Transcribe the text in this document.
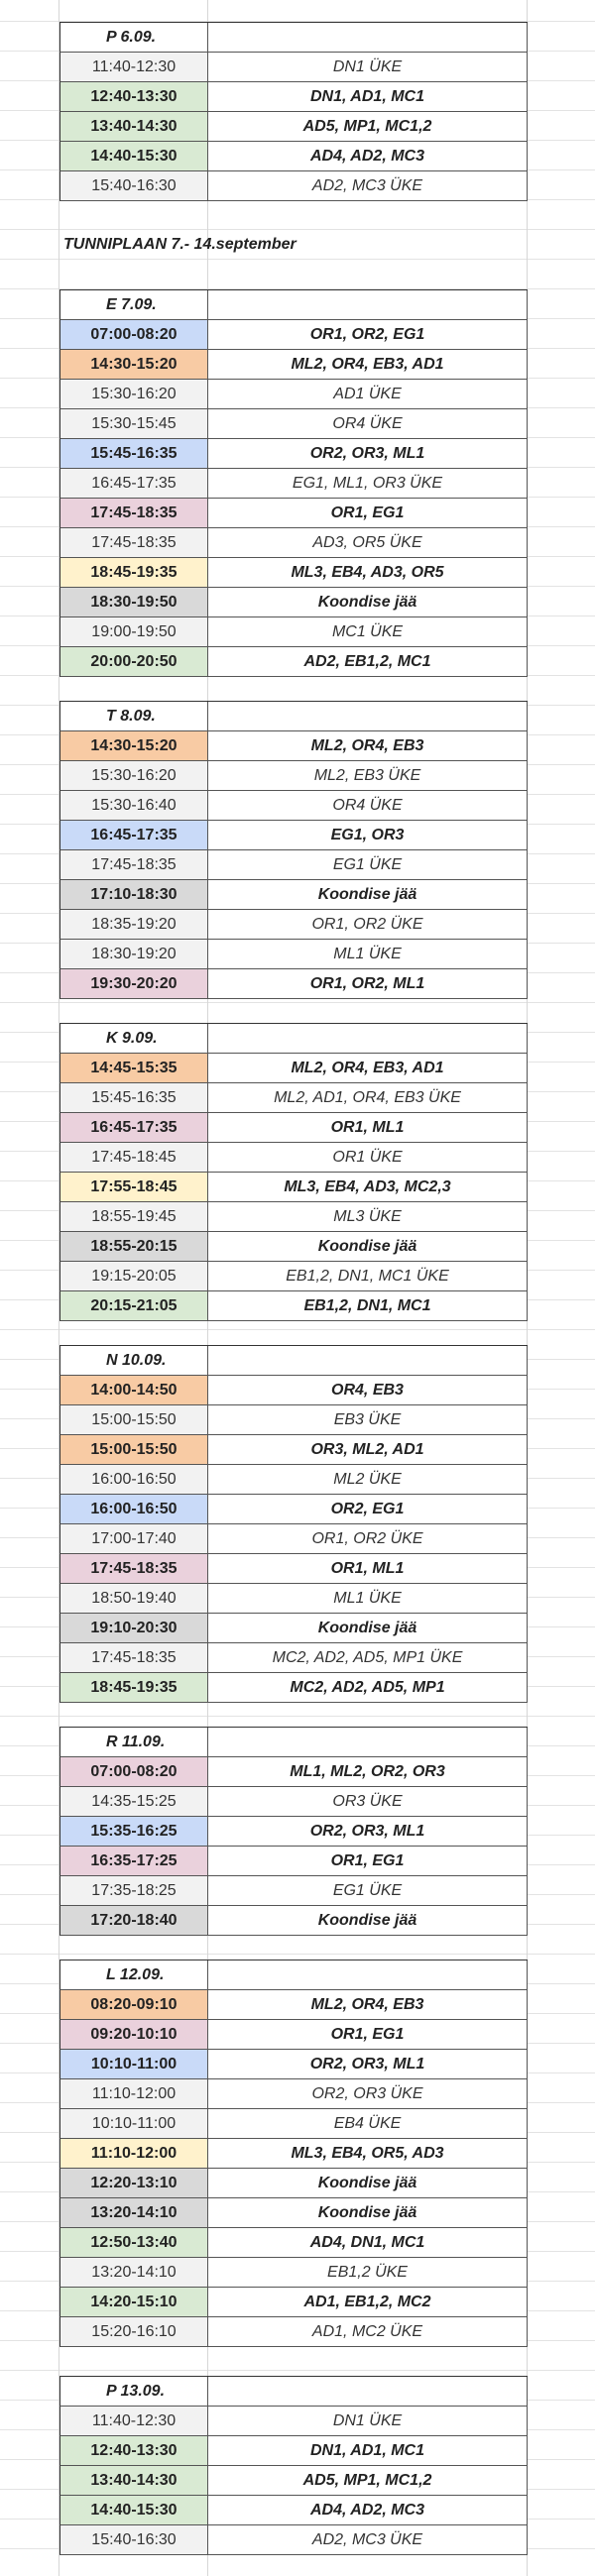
TUNNIPLAAN 7.- 14.september
P 6.09.
11:40-12:30	DN1 ÜKE
12:40-13:30	DN1, AD1, MC1
13:40-14:30	AD5, MP1, MC1,2
14:40-15:30	AD4, AD2, MC3
15:40-16:30	AD2, MC3 ÜKE
E 7.09.
07:00-08:20	OR1, OR2, EG1
14:30-15:20	ML2, OR4, EB3, AD1
15:30-16:20	AD1 ÜKE
15:30-15:45	OR4 ÜKE
15:45-16:35	OR2, OR3, ML1
16:45-17:35	EG1, ML1, OR3 ÜKE
17:45-18:35	OR1, EG1
17:45-18:35	AD3, OR5 ÜKE
18:45-19:35	ML3, EB4, AD3, OR5
18:30-19:50	Koondise jää
19:00-19:50	MC1 ÜKE
20:00-20:50	AD2, EB1,2, MC1
T 8.09.
14:30-15:20	ML2, OR4, EB3
15:30-16:20	ML2, EB3 ÜKE
15:30-16:40	OR4 ÜKE
16:45-17:35	EG1, OR3
17:45-18:35	EG1 ÜKE
17:10-18:30	Koondise jää
18:35-19:20	OR1, OR2 ÜKE
18:30-19:20	ML1 ÜKE
19:30-20:20	OR1, OR2, ML1
K 9.09.
14:45-15:35	ML2, OR4, EB3, AD1
15:45-16:35	ML2, AD1, OR4, EB3 ÜKE
16:45-17:35	OR1, ML1
17:45-18:45	OR1 ÜKE
17:55-18:45	ML3, EB4, AD3, MC2,3
18:55-19:45	ML3 ÜKE
18:55-20:15	Koondise jää
19:15-20:05	EB1,2, DN1, MC1 ÜKE
20:15-21:05	EB1,2, DN1, MC1
N 10.09.
14:00-14:50	OR4, EB3
15:00-15:50	EB3 ÜKE
15:00-15:50	OR3, ML2, AD1
16:00-16:50	ML2 ÜKE
16:00-16:50	OR2, EG1
17:00-17:40	OR1, OR2 ÜKE
17:45-18:35	OR1, ML1
18:50-19:40	ML1 ÜKE
19:10-20:30	Koondise jää
17:45-18:35	MC2, AD2, AD5, MP1 ÜKE
18:45-19:35	MC2, AD2, AD5, MP1
R 11.09.
07:00-08:20	ML1, ML2, OR2, OR3
14:35-15:25	OR3 ÜKE
15:35-16:25	OR2, OR3, ML1
16:35-17:25	OR1, EG1
17:35-18:25	EG1 ÜKE
17:20-18:40	Koondise jää
L 12.09.
08:20-09:10	ML2, OR4, EB3
09:20-10:10	OR1, EG1
10:10-11:00	OR2, OR3, ML1
11:10-12:00	OR2, OR3 ÜKE
10:10-11:00	EB4 ÜKE
11:10-12:00	ML3, EB4, OR5, AD3
12:20-13:10	Koondise jää
13:20-14:10	Koondise jää
12:50-13:40	AD4, DN1, MC1
13:20-14:10	EB1,2 ÜKE
14:20-15:10	AD1, EB1,2, MC2
15:20-16:10	AD1, MC2 ÜKE
P 13.09.
11:40-12:30	DN1 ÜKE
12:40-13:30	DN1, AD1, MC1
13:40-14:30	AD5, MP1, MC1,2
14:40-15:30	AD4, AD2, MC3
15:40-16:30	AD2, MC3 ÜKE
